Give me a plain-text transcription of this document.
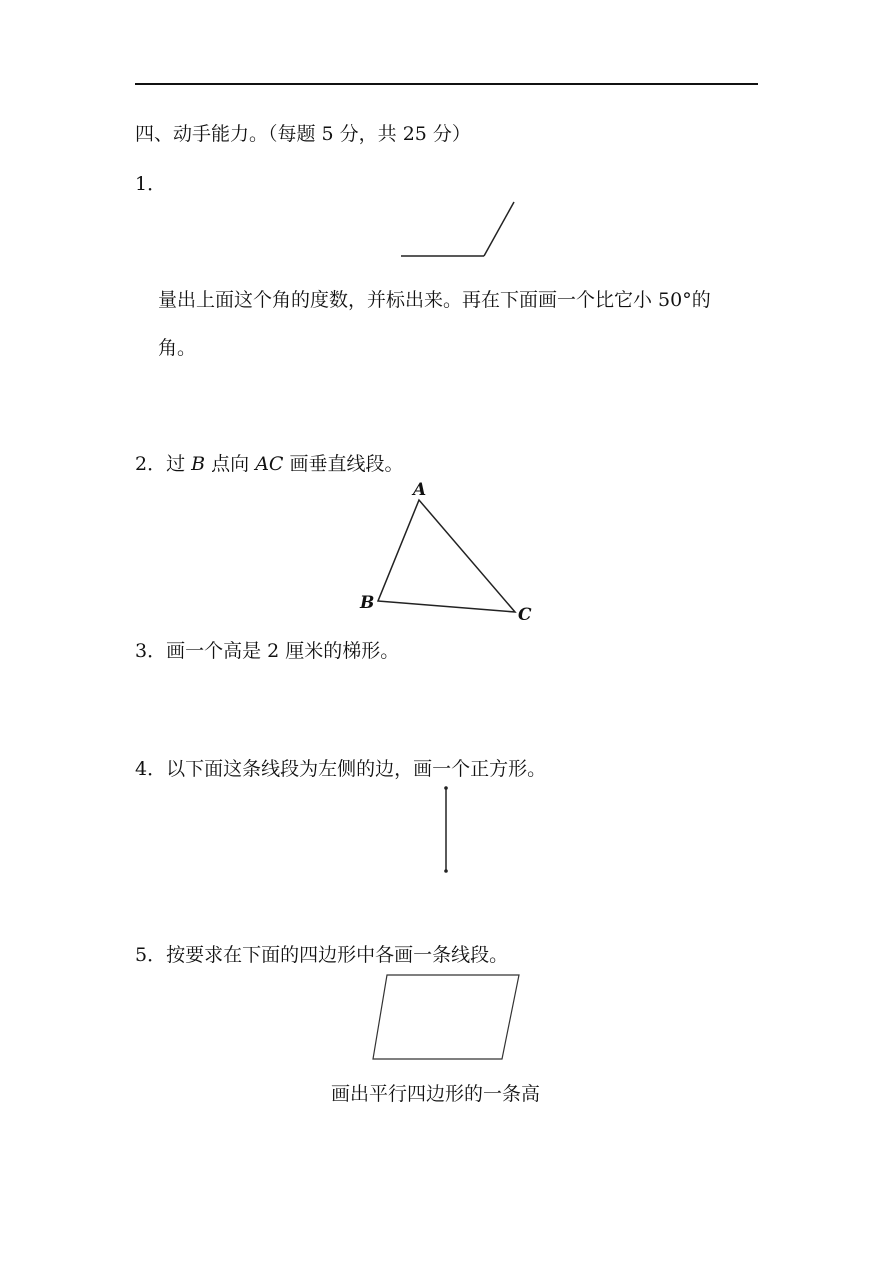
四、动手能力。（每题 5 分，共 25 分）
1．
量出上面这个角的度数，并标出来。再在下面画一个比它小 50°的
角。
2．过 B 点向 AC 画垂直线段。
3．画一个高是 2 厘米的梯形。
4．以下面这条线段为左侧的边，画一个正方形。
5．按要求在下面的四边形中各画一条线段。
画出平行四边形的一条高
A
B
C
